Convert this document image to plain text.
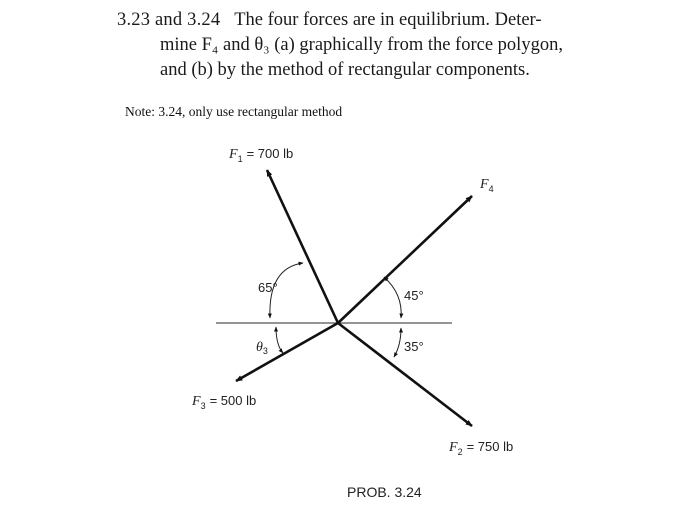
3.23 and 3.24 The four forces are in equilibrium. Deter-
mine F₄ and θ₃ (a) graphically from the force polygon,
and (b) by the method of rectangular components.
Note: 3.24, only use rectangular method
$F_1$ $^{= 700 lb}$
$F_4$
$F_3$ $^{= 500 lb}$
$F_2$ $^{= 750 lb}$
65°
45°
35°
θ3
PROB. 3.24
